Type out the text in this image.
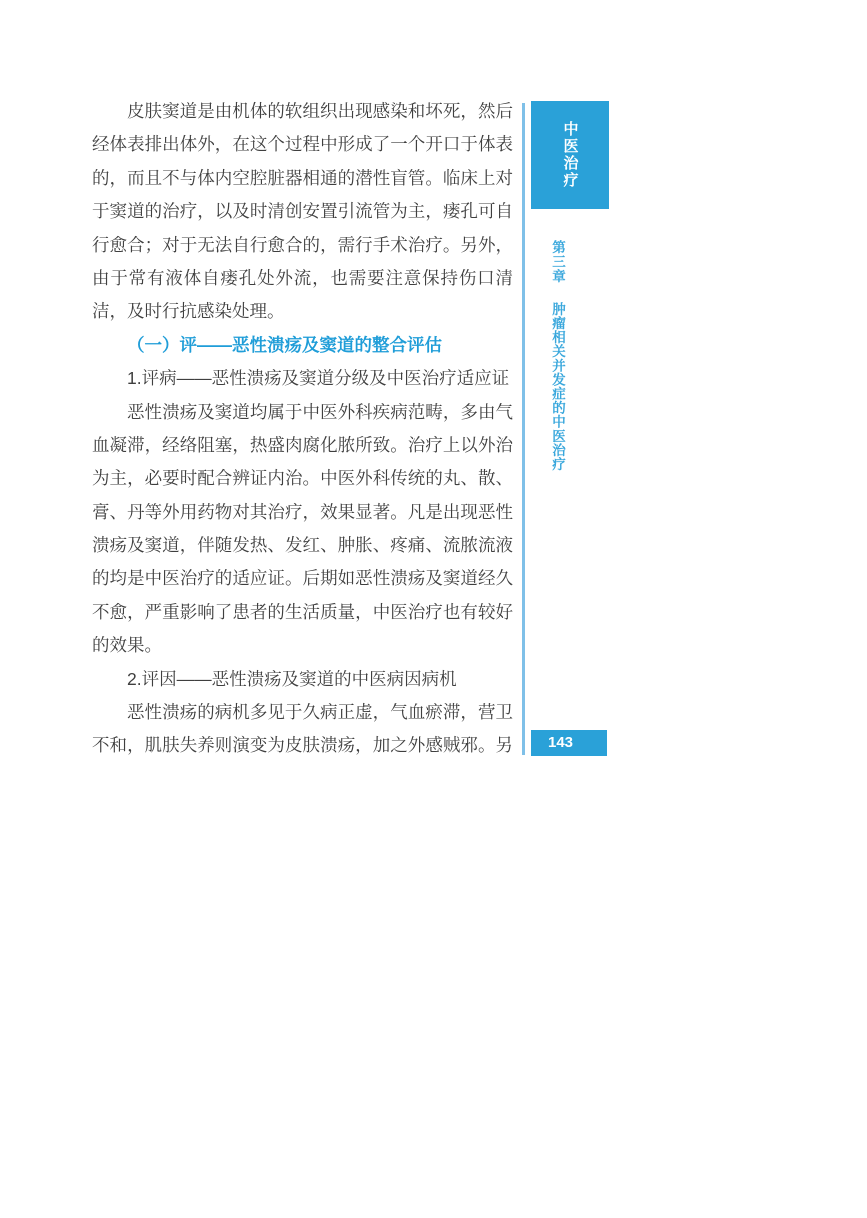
皮肤窦道是由机体的软组织出现感染和坏死，然后
经体表排出体外，在这个过程中形成了一个开口于体表
的，而且不与体内空腔脏器相通的潜性盲管。临床上对
于窦道的治疗，以及时清创安置引流管为主，瘘孔可自
行愈合；对于无法自行愈合的，需行手术治疗。另外，
由于常有液体自瘘孔处外流，也需要注意保持伤口清
洁，及时行抗感染处理。
（一）评——恶性溃疡及窦道的整合评估
1.评病——恶性溃疡及窦道分级及中医治疗适应证
恶性溃疡及窦道均属于中医外科疾病范畴，多由气
血凝滞，经络阻塞，热盛肉腐化脓所致。治疗上以外治
为主，必要时配合辨证内治。中医外科传统的丸、散、
膏、丹等外用药物对其治疗，效果显著。凡是出现恶性
溃疡及窦道，伴随发热、发红、肿胀、疼痛、流脓流液
的均是中医治疗的适应证。后期如恶性溃疡及窦道经久
不愈，严重影响了患者的生活质量，中医治疗也有较好
的效果。
2.评因——恶性溃疡及窦道的中医病因病机
恶性溃疡的病机多见于久病正虚，气血瘀滞，营卫
不和，肌肤失养则演变为皮肤溃疡，加之外感贼邪。另
中医治疗
第三章
肿瘤相关并发症的中医治疗
143
